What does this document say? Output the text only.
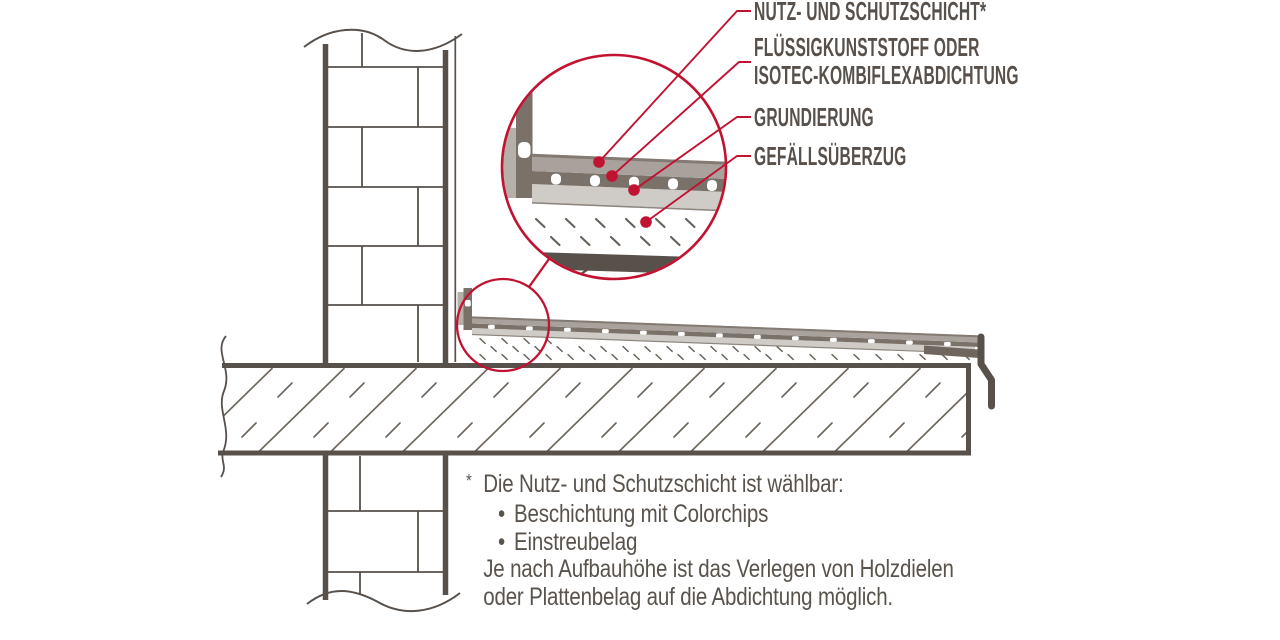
NUTZ- UND SCHUTZSCHICHT*
FLÜSSIGKUNSTSTOFF ODER
ISOTEC-KOMBIFLEXABDICHTUNG
GRUNDIERUNG
GEFÄLLSÜBERZUG
* Die Nutz- und Schutzschicht ist wählbar:
• Beschichtung mit Colorchips
• Einstreubelag
Je nach Aufbauhöhe ist das Verlegen von Holzdielen
oder Plattenbelag auf die Abdichtung möglich.
